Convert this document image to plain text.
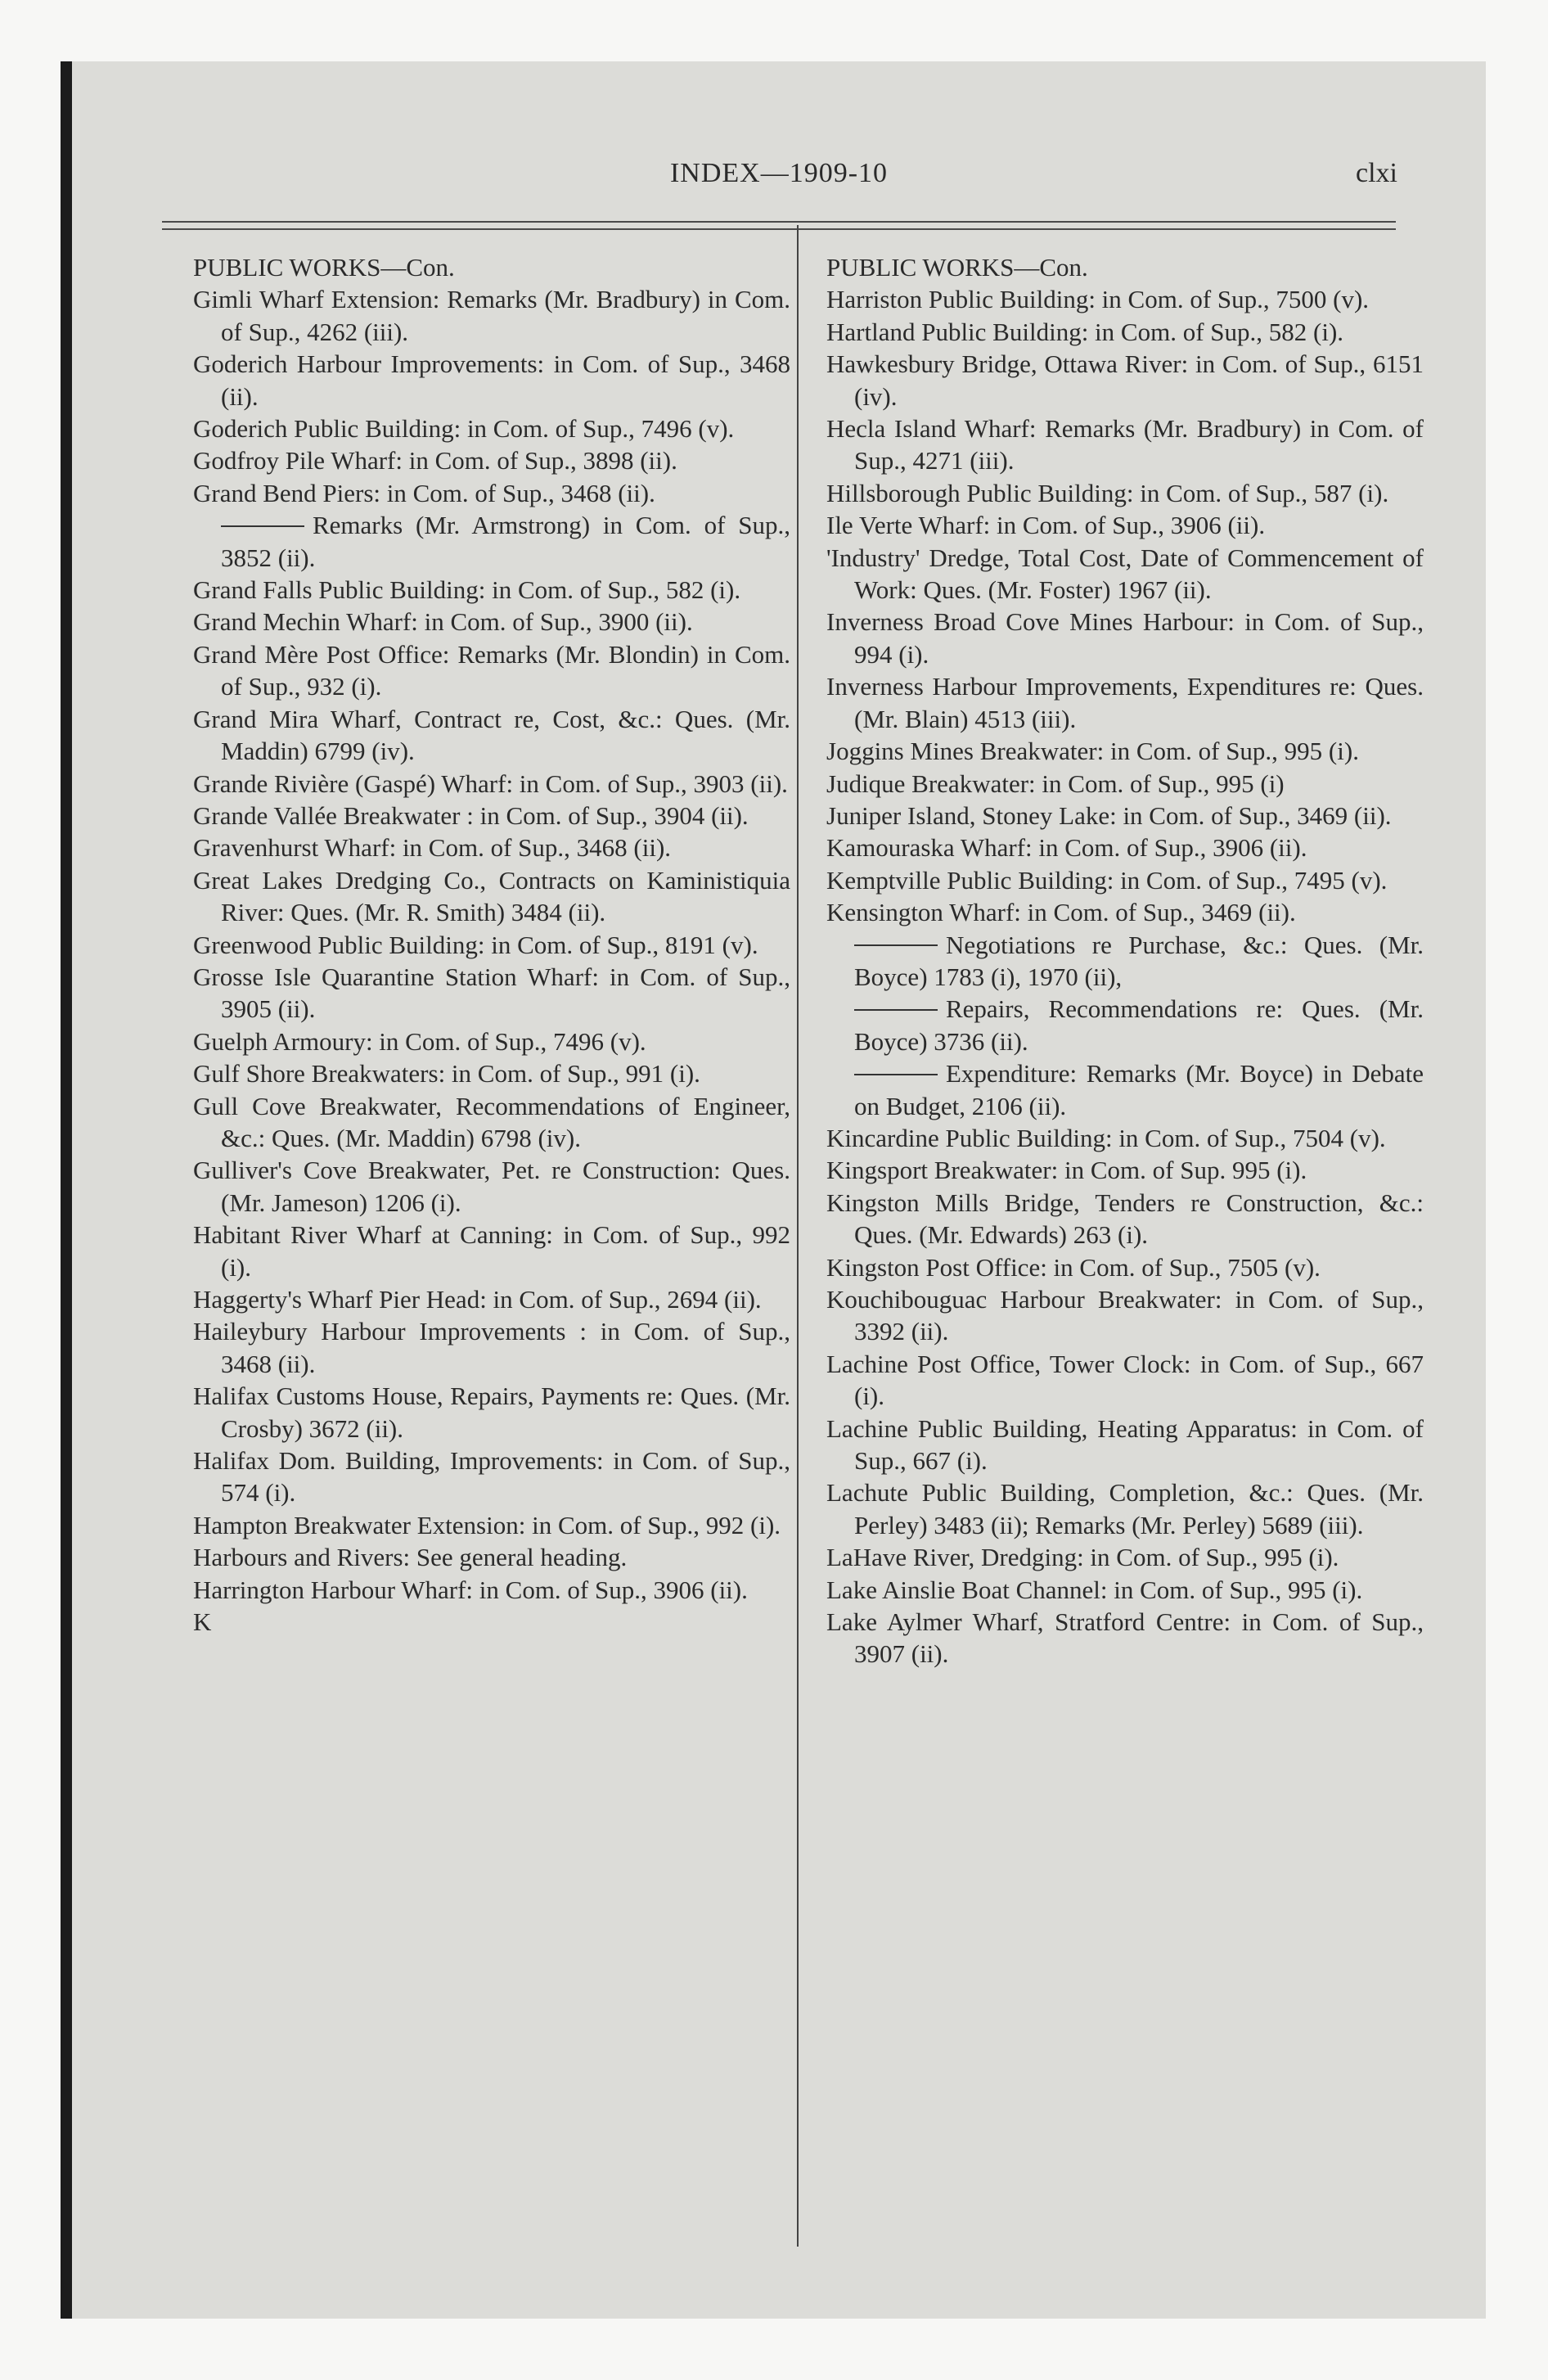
INDEX—1909-10	clxi
PUBLIC WORKS—Con.
Gimli Wharf Extension: Remarks (Mr. Bradbury) in Com. of Sup., 4262 (iii).
Goderich Harbour Improvements: in Com. of Sup., 3468 (ii).
Goderich Public Building: in Com. of Sup., 7496 (v).
Godfroy Pile Wharf: in Com. of Sup., 3898 (ii).
Grand Bend Piers: in Com. of Sup., 3468 (ii).
Remarks (Mr. Armstrong) in Com. of Sup., 3852 (ii).
Grand Falls Public Building: in Com. of Sup., 582 (i).
Grand Mechin Wharf: in Com. of Sup., 3900 (ii).
Grand Mère Post Office: Remarks (Mr. Blondin) in Com. of Sup., 932 (i).
Grand Mira Wharf, Contract re, Cost, &c.: Ques. (Mr. Maddin) 6799 (iv).
Grande Rivière (Gaspé) Wharf: in Com. of Sup., 3903 (ii).
Grande Vallée Breakwater : in Com. of Sup., 3904 (ii).
Gravenhurst Wharf: in Com. of Sup., 3468 (ii).
Great Lakes Dredging Co., Contracts on Kaministiquia River: Ques. (Mr. R. Smith) 3484 (ii).
Greenwood Public Building: in Com. of Sup., 8191 (v).
Grosse Isle Quarantine Station Wharf: in Com. of Sup., 3905 (ii).
Guelph Armoury: in Com. of Sup., 7496 (v).
Gulf Shore Breakwaters: in Com. of Sup., 991 (i).
Gull Cove Breakwater, Recommendations of Engineer, &c.: Ques. (Mr. Maddin) 6798 (iv).
Gulliver's Cove Breakwater, Pet. re Construction: Ques. (Mr. Jameson) 1206 (i).
Habitant River Wharf at Canning: in Com. of Sup., 992 (i).
Haggerty's Wharf Pier Head: in Com. of Sup., 2694 (ii).
Haileybury Harbour Improvements : in Com. of Sup., 3468 (ii).
Halifax Customs House, Repairs, Payments re: Ques. (Mr. Crosby) 3672 (ii).
Halifax Dom. Building, Improvements: in Com. of Sup., 574 (i).
Hampton Breakwater Extension: in Com. of Sup., 992 (i).
Harbours and Rivers: See general heading.
Harrington Harbour Wharf: in Com. of Sup., 3906 (ii).
K
PUBLIC WORKS—Con.
Harriston Public Building: in Com. of Sup., 7500 (v).
Hartland Public Building: in Com. of Sup., 582 (i).
Hawkesbury Bridge, Ottawa River: in Com. of Sup., 6151 (iv).
Hecla Island Wharf: Remarks (Mr. Bradbury) in Com. of Sup., 4271 (iii).
Hillsborough Public Building: in Com. of Sup., 587 (i).
Ile Verte Wharf: in Com. of Sup., 3906 (ii).
'Industry' Dredge, Total Cost, Date of Commencement of Work: Ques. (Mr. Foster) 1967 (ii).
Inverness Broad Cove Mines Harbour: in Com. of Sup., 994 (i).
Inverness Harbour Improvements, Expenditures re: Ques. (Mr. Blain) 4513 (iii).
Joggins Mines Breakwater: in Com. of Sup., 995 (i).
Judique Breakwater: in Com. of Sup., 995 (i)
Juniper Island, Stoney Lake: in Com. of Sup., 3469 (ii).
Kamouraska Wharf: in Com. of Sup., 3906 (ii).
Kemptville Public Building: in Com. of Sup., 7495 (v).
Kensington Wharf: in Com. of Sup., 3469 (ii).
Negotiations re Purchase, &c.: Ques. (Mr. Boyce) 1783 (i), 1970 (ii),
Repairs, Recommendations re: Ques. (Mr. Boyce) 3736 (ii).
Expenditure: Remarks (Mr. Boyce) in Debate on Budget, 2106 (ii).
Kincardine Public Building: in Com. of Sup., 7504 (v).
Kingsport Breakwater: in Com. of Sup. 995 (i).
Kingston Mills Bridge, Tenders re Construction, &c.: Ques. (Mr. Edwards) 263 (i).
Kingston Post Office: in Com. of Sup., 7505 (v).
Kouchibouguac Harbour Breakwater: in Com. of Sup., 3392 (ii).
Lachine Post Office, Tower Clock: in Com. of Sup., 667 (i).
Lachine Public Building, Heating Apparatus: in Com. of Sup., 667 (i).
Lachute Public Building, Completion, &c.: Ques. (Mr. Perley) 3483 (ii); Remarks (Mr. Perley) 5689 (iii).
LaHave River, Dredging: in Com. of Sup., 995 (i).
Lake Ainslie Boat Channel: in Com. of Sup., 995 (i).
Lake Aylmer Wharf, Stratford Centre: in Com. of Sup., 3907 (ii).
